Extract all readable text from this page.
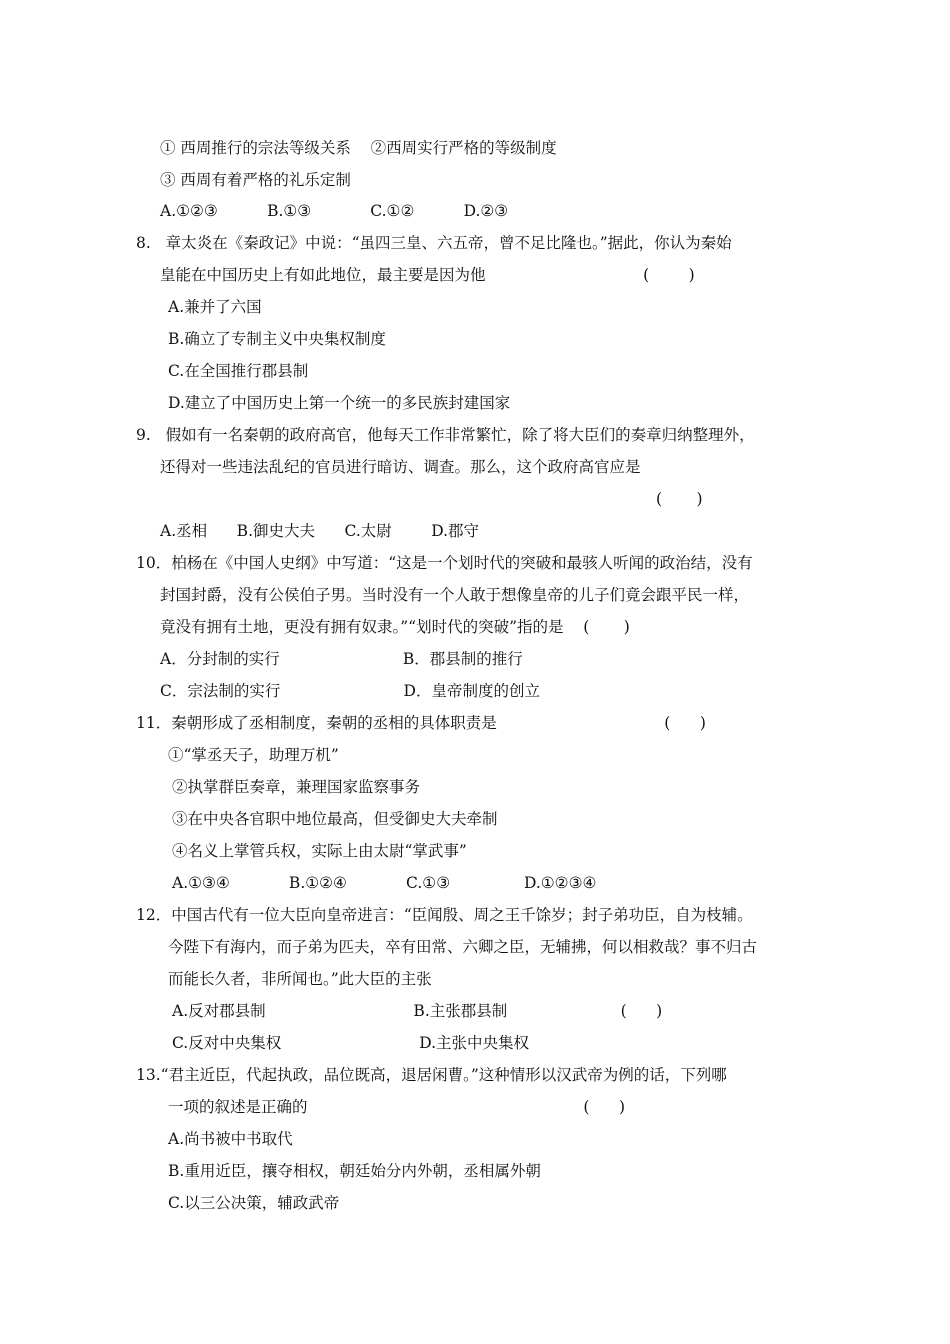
① 西周推行的宗法等级关系    ②西周实行严格的等级制度
③ 西周有着严格的礼乐定制
A.①②③          B.①③            C.①②          D.②③
8.   章太炎在《秦政记》中说：“虽四三皇、六五帝，曾不足比隆也。”据此，你认为秦始
皇能在中国历史上有如此地位，最主要是因为他                                (        )
A.兼并了六国
B.确立了专制主义中央集权制度
C.在全国推行郡县制
D.建立了中国历史上第一个统一的多民族封建国家
9.   假如有一名秦朝的政府高官，他每天工作非常繁忙，除了将大臣们的奏章归纳整理外，
还得对一些违法乱纪的官员进行暗访、调查。那么，这个政府高官应是
(       )
A.丞相      B.御史大夫      C.太尉        D.郡守
10．柏杨在《中国人史纲》中写道：“这是一个划时代的突破和最骇人听闻的政治结，没有
封国封爵，没有公侯伯子男。当时没有一个人敢于想像皇帝的儿子们竟会跟平民一样，
竟没有拥有土地，更没有拥有奴隶。”“划时代的突破”指的是    (       )
A．分封制的实行                         B．郡县制的推行
C．宗法制的实行                         D．皇帝制度的创立
11．秦朝形成了丞相制度，秦朝的丞相的具体职责是                                  (      )
①“掌丞天子，助理万机”
②执掌群臣奏章，兼理国家监察事务
③在中央各官职中地位最高，但受御史大夫牵制
④名义上掌管兵权，实际上由太尉“掌武事”
A.①③④            B.①②④            C.①③               D.①②③④
12．中国古代有一位大臣向皇帝进言：“臣闻殷、周之王千馀岁；封子弟功臣，自为枝辅。
今陛下有海内，而子弟为匹夫，卒有田常、六卿之臣，无辅拂，何以相救哉？事不归古
而能长久者，非所闻也。”此大臣的主张
A.反对郡县制                              B.主张郡县制                       (      )
C.反对中央集权                            D.主张中央集权
13.“君主近臣，代起执政，品位既高，退居闲曹。”这种情形以汉武帝为例的话，下列哪
一项的叙述是正确的                                                        (      )
A.尚书被中书取代
B.重用近臣，攘夺相权，朝廷始分内外朝，丞相属外朝
C.以三公决策，辅政武帝
